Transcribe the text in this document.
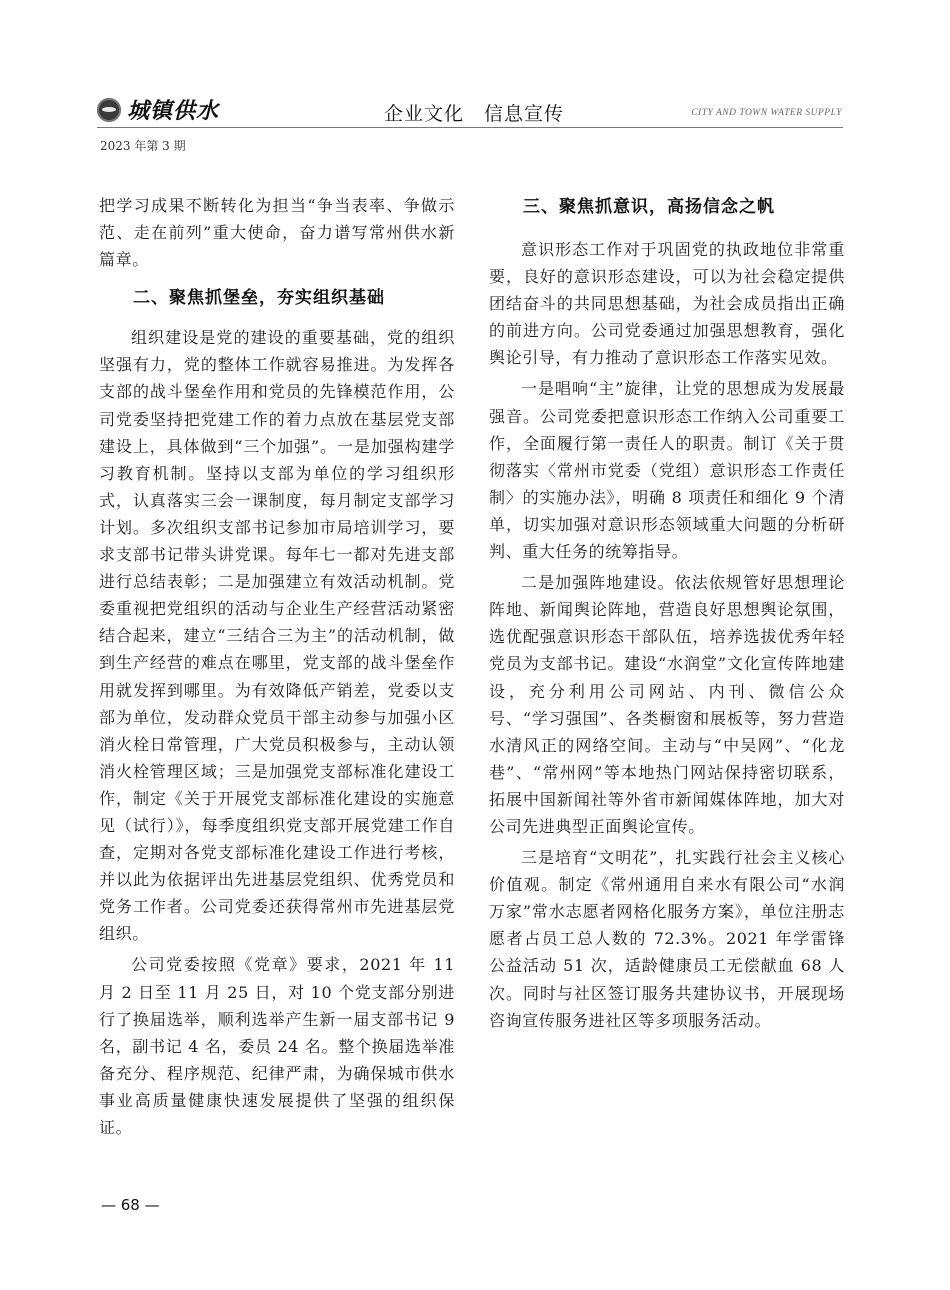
城镇供水	企业文化　信息宣传	CITY AND TOWN WATER SUPPLY
2023 年第 3 期

把学习成果不断转化为担当“争当表率、争做示范、走在前列”重大使命，奋力谱写常州供水新篇章。

二、聚焦抓堡垒，夯实组织基础

组织建设是党的建设的重要基础，党的组织坚强有力，党的整体工作就容易推进。为发挥各支部的战斗堡垒作用和党员的先锋模范作用，公司党委坚持把党建工作的着力点放在基层党支部建设上，具体做到“三个加强”。一是加强构建学习教育机制。坚持以支部为单位的学习组织形式，认真落实三会一课制度，每月制定支部学习计划。多次组织支部书记参加市局培训学习，要求支部书记带头讲党课。每年七一都对先进支部进行总结表彰；二是加强建立有效活动机制。党委重视把党组织的活动与企业生产经营活动紧密结合起来，建立“三结合三为主”的活动机制，做到生产经营的难点在哪里，党支部的战斗堡垒作用就发挥到哪里。为有效降低产销差，党委以支部为单位，发动群众党员干部主动参与加强小区消火栓日常管理，广大党员积极参与，主动认领消火栓管理区域；三是加强党支部标准化建设工作，制定《关于开展党支部标准化建设的实施意见（试行）》，每季度组织党支部开展党建工作自查，定期对各党支部标准化建设工作进行考核，并以此为依据评出先进基层党组织、优秀党员和党务工作者。公司党委还获得常州市先进基层党组织。

公司党委按照《党章》要求，2021 年 11 月 2 日至 11 月 25 日，对 10 个党支部分别进行了换届选举，顺利选举产生新一届支部书记 9 名，副书记 4 名，委员 24 名。整个换届选举准备充分、程序规范、纪律严肃，为确保城市供水事业高质量健康快速发展提供了坚强的组织保证。

三、聚焦抓意识，高扬信念之帆

意识形态工作对于巩固党的执政地位非常重要，良好的意识形态建设，可以为社会稳定提供团结奋斗的共同思想基础，为社会成员指出正确的前进方向。公司党委通过加强思想教育，强化舆论引导，有力推动了意识形态工作落实见效。

一是唱响“主”旋律，让党的思想成为发展最强音。公司党委把意识形态工作纳入公司重要工作，全面履行第一责任人的职责。制订《关于贯彻落实〈常州市党委（党组）意识形态工作责任制〉的实施办法》，明确 8 项责任和细化 9 个清单，切实加强对意识形态领域重大问题的分析研判、重大任务的统筹指导。

二是加强阵地建设。依法依规管好思想理论阵地、新闻舆论阵地，营造良好思想舆论氛围，选优配强意识形态干部队伍，培养选拔优秀年轻党员为支部书记。建设“水润堂”文化宣传阵地建设，充分利用公司网站、内刊、微信公众号、“学习强国”、各类橱窗和展板等，努力营造水清风正的网络空间。主动与“中吴网”、“化龙巷”、“常州网”等本地热门网站保持密切联系，拓展中国新闻社等外省市新闻媒体阵地，加大对公司先进典型正面舆论宣传。

三是培育“文明花”，扎实践行社会主义核心价值观。制定《常州通用自来水有限公司“水润万家”常水志愿者网格化服务方案》，单位注册志愿者占员工总人数的 72.3%。2021 年学雷锋公益活动 51 次，适龄健康员工无偿献血 68 人次。同时与社区签订服务共建协议书，开展现场咨询宣传服务进社区等多项服务活动。

— 68 —
